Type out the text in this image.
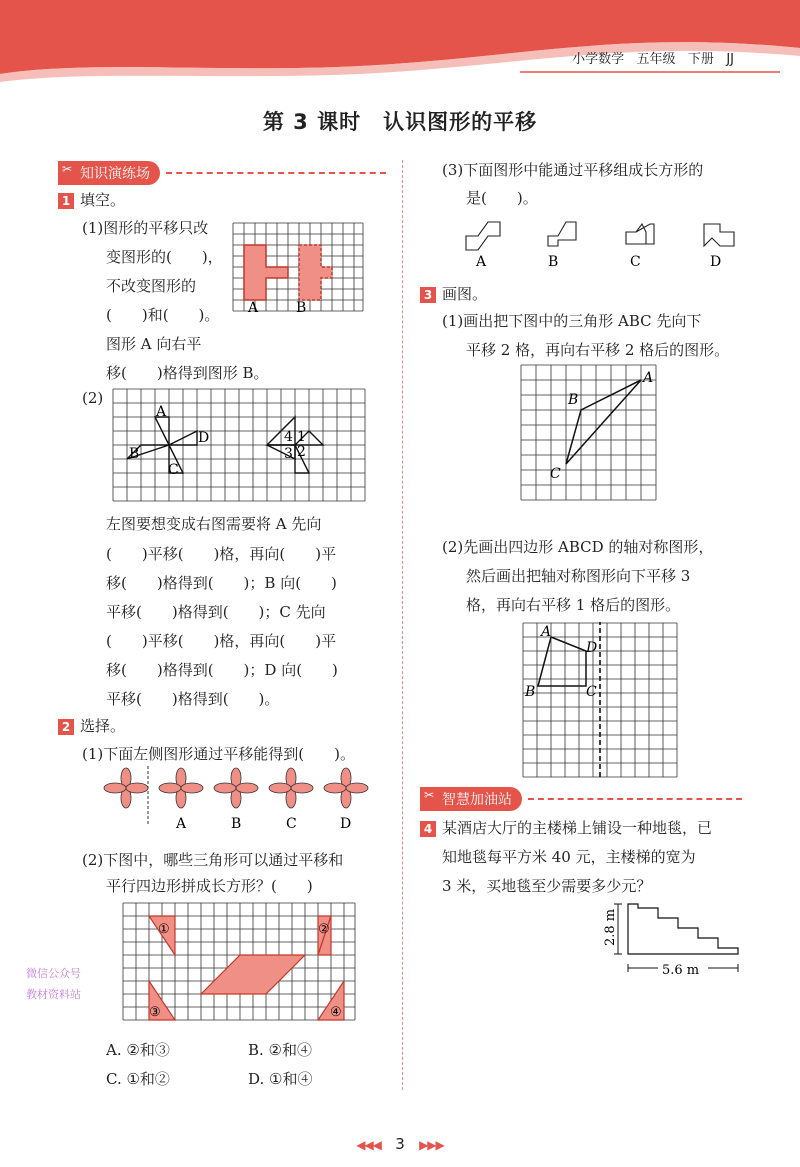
小学数学 五年级 下册 JJ
第 3 课时　认识图形的平移
✂ 知识演练场
1 填空。
(1)图形的平移只改
变图形的(　　)，
不改变图形的
(　　)和(　　)。
图形 A 向右平
移(　　)格得到图形 B。
A	B
(2)
A
B
C
D	4 1
3 2
左图要想变成右图需要将 A 先向
(　　)平移(　　)格，再向(　　)平
移(　　)格得到(　　)；B 向(　　)
平移(　　)格得到(　　)；C 先向
(　　)平移(　　)格，再向(　　)平
移(　　)格得到(　　)；D 向(　　)
平移(　　)格得到(　　)。
2 选择。
(1)下面左侧图形通过平移能得到(　　)。
A	B	C	D
(2)下图中，哪些三角形可以通过平移和
平行四边形拼成长方形？(　　)
①	②
③	④
微信公众号
教材资料站
A. ②和③	B. ②和④
C. ①和②	D. ①和④
(3)下面图形中能通过平移组成长方形的
是(　　)。
A	B	C	D
3 画图。
(1)画出把下图中的三角形 ABC 先向下
平移 2 格，再向右平移 2 格后的图形。
A
B
C
(2)先画出四边形 ABCD 的轴对称图形，
然后画出把轴对称图形向下平移 3
格，再向右平移 1 格后的图形。
A
D
B	C
✂ 智慧加油站
4 某酒店大厅的主楼梯上铺设一种地毯，已
知地毯每平方米 40 元，主楼梯的宽为
3 米，买地毯至少需要多少元？
2.8 m
5.6 m
◀◀◀ 3 ▶▶▶
